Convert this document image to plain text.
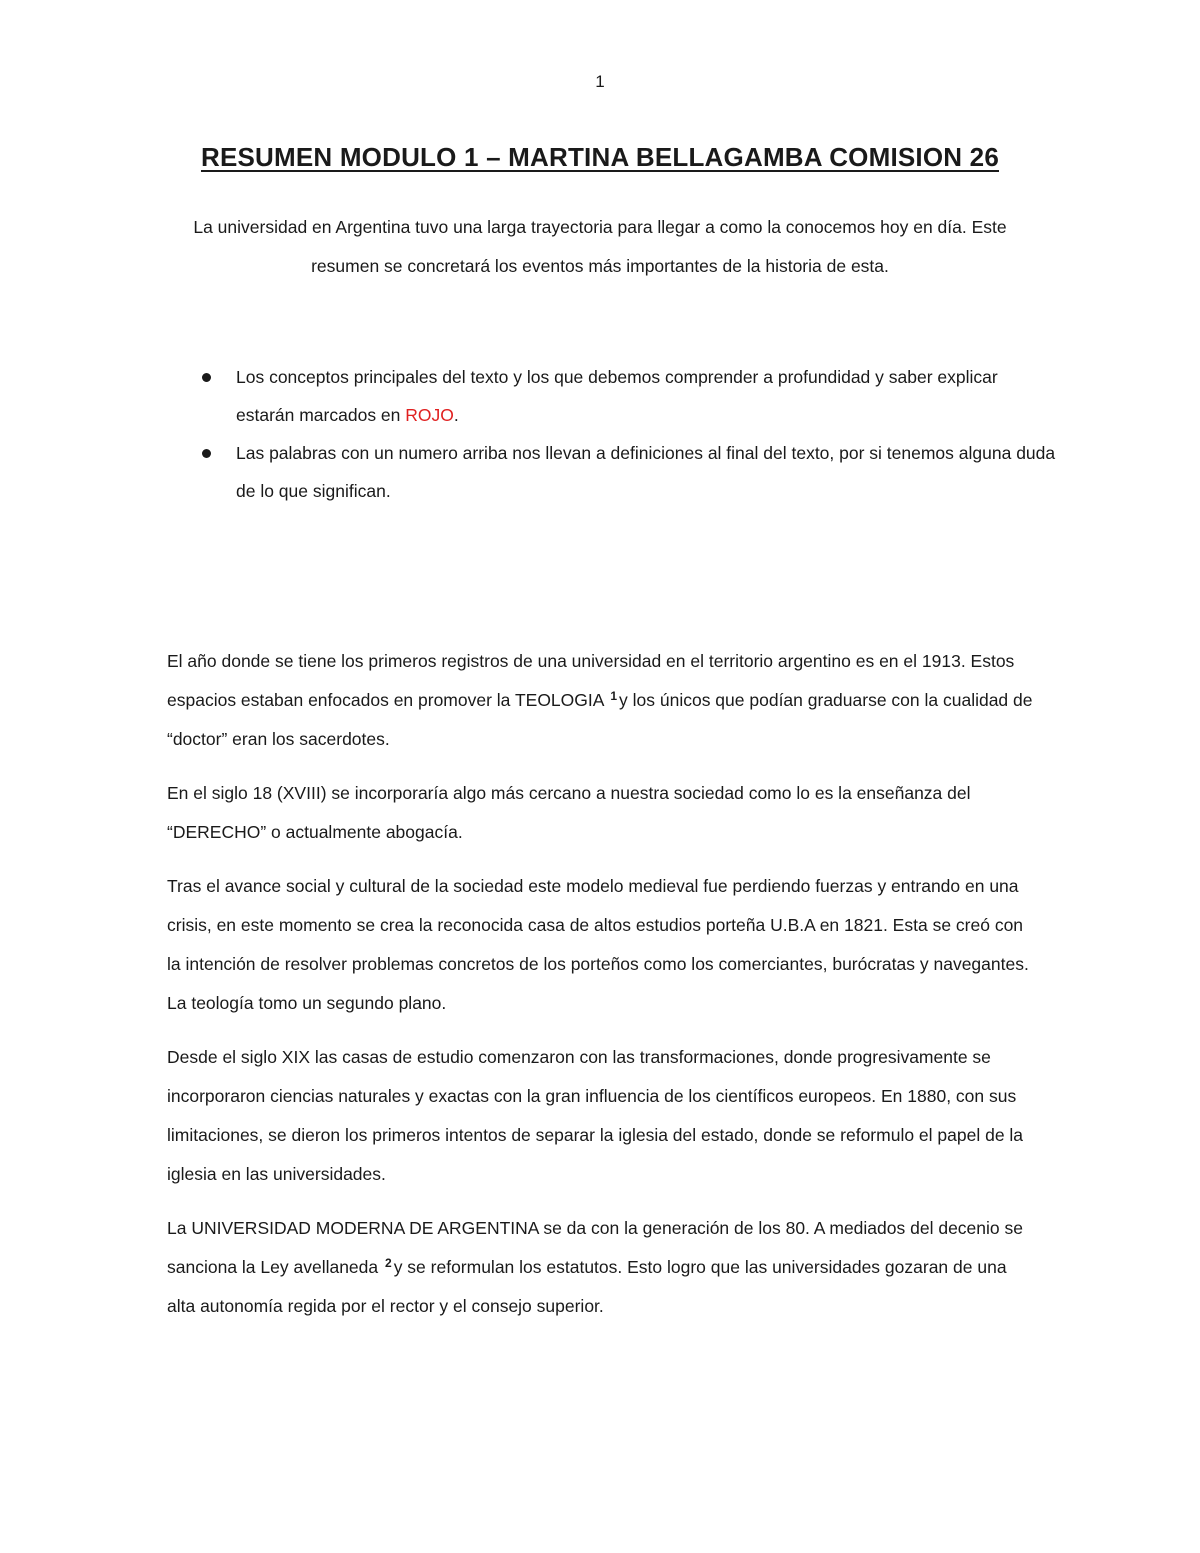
1
RESUMEN MODULO 1 – MARTINA BELLAGAMBA COMISION 26
La universidad en Argentina tuvo una larga trayectoria para llegar a como la conocemos hoy en día. Este resumen se concretará los eventos más importantes de la historia de esta.
Los conceptos principales del texto y los que debemos comprender a profundidad y saber explicar estarán marcados en ROJO.
Las palabras con un numero arriba nos llevan a definiciones al final del texto, por si tenemos alguna duda de lo que significan.

El año donde se tiene los primeros registros de una universidad en el territorio argentino es en el 1913. Estos espacios estaban enfocados en promover la TEOLOGIA $^1$ y los únicos que podían graduarse con la cualidad de “doctor” eran los sacerdotes.

En el siglo 18 (XVIII) se incorporaría algo más cercano a nuestra sociedad como lo es la enseñanza del “DERECHO” o actualmente abogacía.

Tras el avance social y cultural de la sociedad este modelo medieval fue perdiendo fuerzas y entrando en una crisis, en este momento se crea la reconocida casa de altos estudios porteña U.B.A en 1821. Esta se creó con la intención de resolver problemas concretos de los porteños como los comerciantes, burócratas y navegantes. La teología tomo un segundo plano.

Desde el siglo XIX las casas de estudio comenzaron con las transformaciones, donde progresivamente se incorporaron ciencias naturales y exactas con la gran influencia de los científicos europeos. En 1880, con sus limitaciones, se dieron los primeros intentos de separar la iglesia del estado, donde se reformulo el papel de la iglesia en las universidades.

La UNIVERSIDAD MODERNA DE ARGENTINA se da con la generación de los 80. A mediados del decenio se sanciona la Ley avellaneda $^2$ y se reformulan los estatutos. Esto logro que las universidades gozaran de una alta autonomía regida por el rector y el consejo superior.
